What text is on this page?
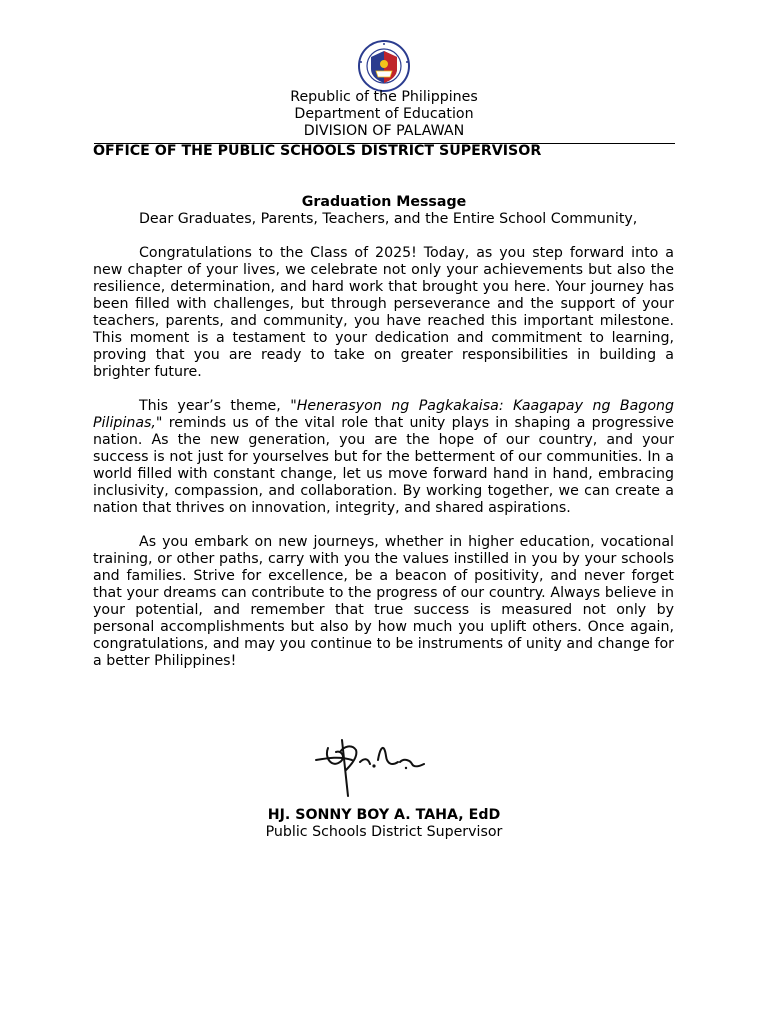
Republic of the Philippines
Department of Education
DIVISION OF PALAWAN
OFFICE OF THE PUBLIC SCHOOLS DISTRICT SUPERVISOR
Graduation Message

Dear Graduates, Parents, Teachers, and the Entire School Community,

Congratulations to the Class of 2025! Today, as you step forward into a new chapter of your lives, we celebrate not only your achievements but also the resilience, determination, and hard work that brought you here. Your journey has been filled with challenges, but through perseverance and the support of your teachers, parents, and community, you have reached this important milestone. This moment is a testament to your dedication and commitment to learning, proving that you are ready to take on greater responsibilities in building a brighter future.

This year’s theme, "Henerasyon ng Pagkakaisa: Kaagapay ng Bagong Pilipinas," reminds us of the vital role that unity plays in shaping a progressive nation. As the new generation, you are the hope of our country, and your success is not just for yourselves but for the betterment of our communities. In a world filled with constant change, let us move forward hand in hand, embracing inclusivity, compassion, and collaboration. By working together, we can create a nation that thrives on innovation, integrity, and shared aspirations.

As you embark on new journeys, whether in higher education, vocational training, or other paths, carry with you the values instilled in you by your schools and families. Strive for excellence, be a beacon of positivity, and never forget that your dreams can contribute to the progress of our country. Always believe in your potential, and remember that true success is measured not only by personal accomplishments but also by how much you uplift others. Once again, congratulations, and may you continue to be instruments of unity and change for a better Philippines!

HJ. SONNY BOY A. TAHA, EdD
Public Schools District Supervisor
